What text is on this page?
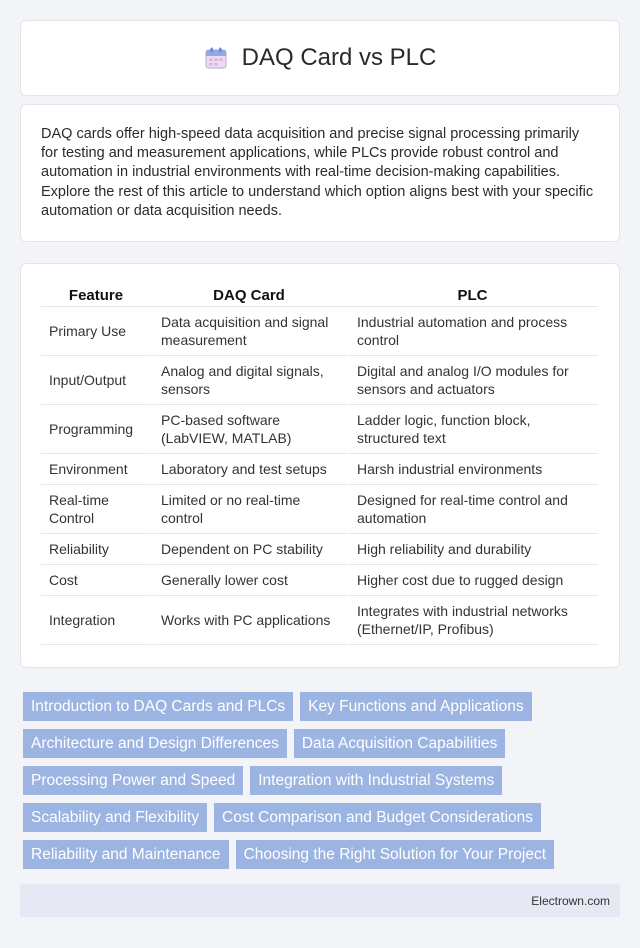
DAQ Card vs PLC

DAQ cards offer high-speed data acquisition and precise signal processing primarily for testing and measurement applications, while PLCs provide robust control and automation in industrial environments with real-time decision-making capabilities. Explore the rest of this article to understand which option aligns best with your specific automation or data acquisition needs.

Feature	DAQ Card	PLC
Primary Use	Data acquisition and signal measurement	Industrial automation and process control
Input/Output	Analog and digital signals, sensors	Digital and analog I/O modules for sensors and actuators
Programming	PC-based software (LabVIEW, MATLAB)	Ladder logic, function block, structured text
Environment	Laboratory and test setups	Harsh industrial environments
Real-time Control	Limited or no real-time control	Designed for real-time control and automation
Reliability	Dependent on PC stability	High reliability and durability
Cost	Generally lower cost	Higher cost due to rugged design
Integration	Works with PC applications	Integrates with industrial networks (Ethernet/IP, Profibus)
Introduction to DAQ Cards and PLCs	Key Functions and Applications
Architecture and Design Differences	Data Acquisition Capabilities
Processing Power and Speed	Integration with Industrial Systems
Scalability and Flexibility	Cost Comparison and Budget Considerations
Reliability and Maintenance	Choosing the Right Solution for Your Project
Electrown.com
